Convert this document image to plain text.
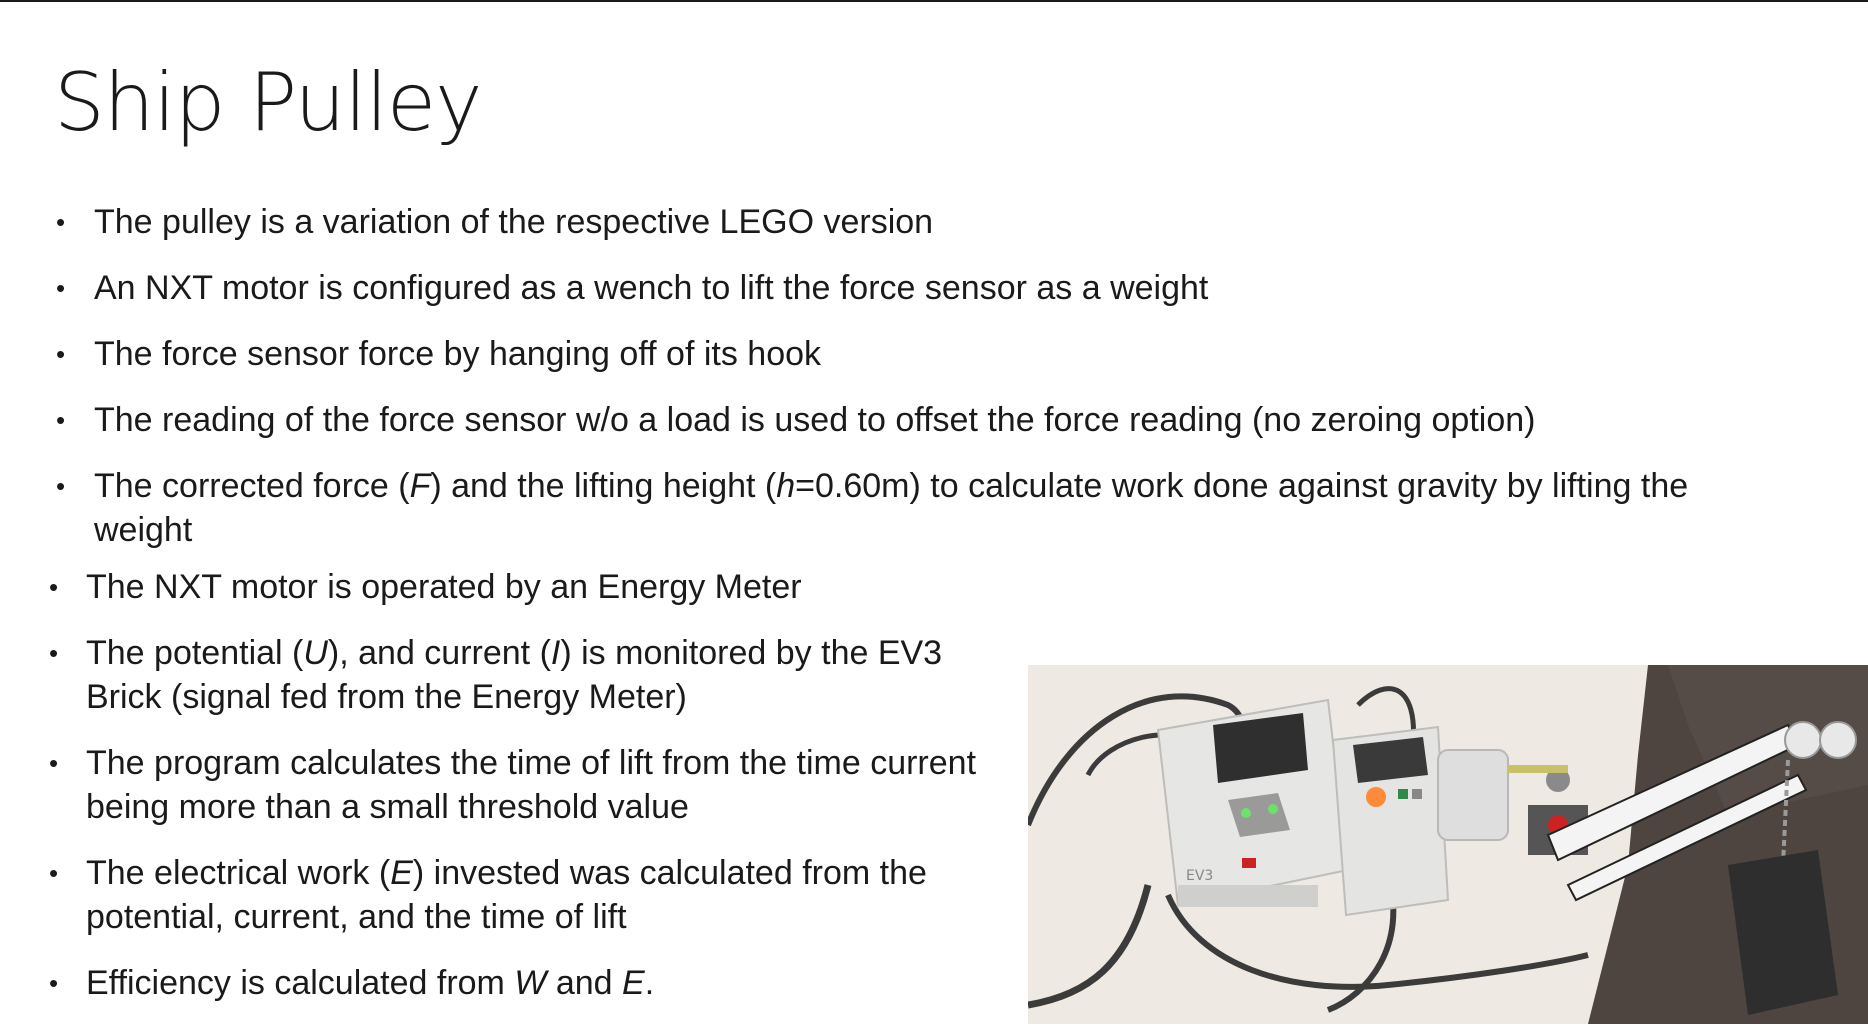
Ship Pulley
• The pulley is a variation of the respective LEGO version
• An NXT motor is configured as a wench to lift the force sensor as a weight
• The force sensor force by hanging off of its hook
• The reading of the force sensor w/o a load is used to offset the force reading (no zeroing option)
• The corrected force (F) and the lifting height (h=0.60m) to calculate work done against gravity by lifting the weight
• The NXT motor is operated by an Energy Meter
• The potential (U), and current (I) is monitored by the EV3 Brick (signal fed from the Energy Meter)
• The program calculates the time of lift from the time current being more than a small threshold value
• The electrical work (E) invested was calculated from the potential, current, and the time of lift
• Efficiency is calculated from W and E.
EV3
